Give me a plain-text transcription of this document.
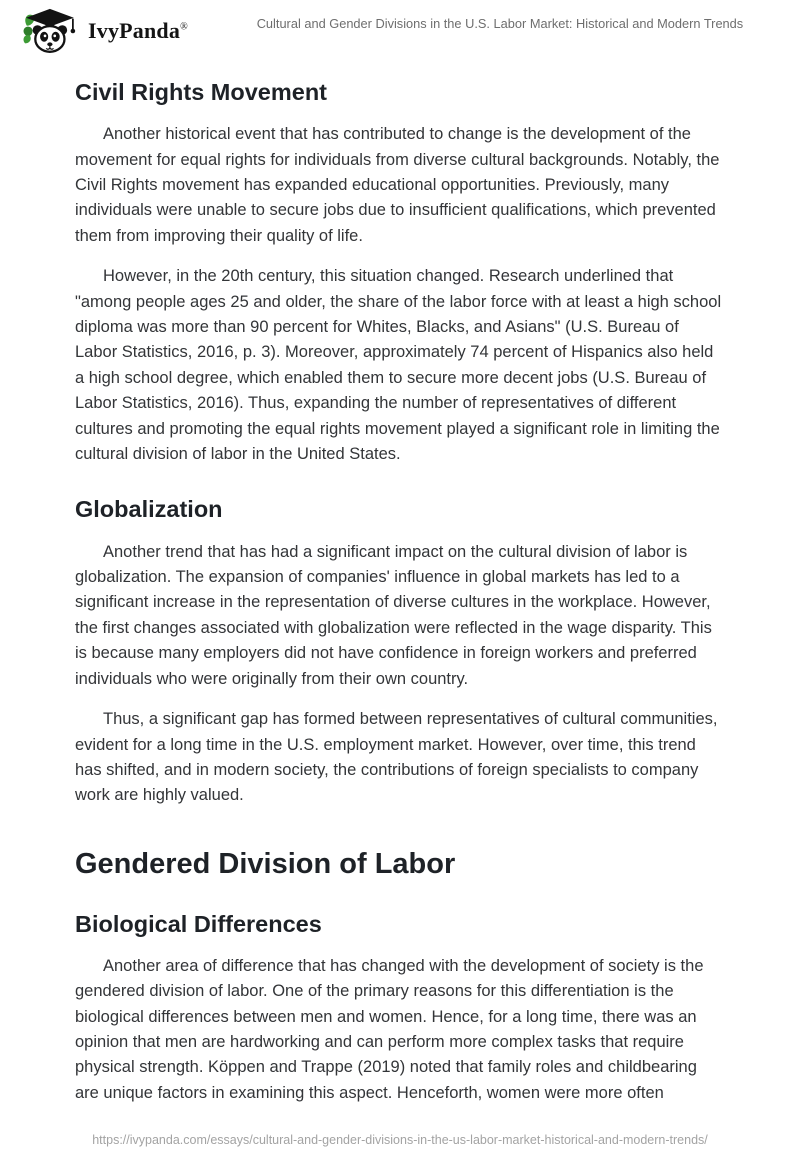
IvyPanda®	Cultural and Gender Divisions in the U.S. Labor Market: Historical and Modern Trends
Civil Rights Movement

Another historical event that has contributed to change is the development of the movement for equal rights for individuals from diverse cultural backgrounds. Notably, the Civil Rights movement has expanded educational opportunities. Previously, many individuals were unable to secure jobs due to insufficient qualifications, which prevented them from improving their quality of life.

However, in the 20th century, this situation changed. Research underlined that "among people ages 25 and older, the share of the labor force with at least a high school diploma was more than 90 percent for Whites, Blacks, and Asians" (U.S. Bureau of Labor Statistics, 2016, p. 3). Moreover, approximately 74 percent of Hispanics also held a high school degree, which enabled them to secure more decent jobs (U.S. Bureau of Labor Statistics, 2016). Thus, expanding the number of representatives of different cultures and promoting the equal rights movement played a significant role in limiting the cultural division of labor in the United States.

Globalization

Another trend that has had a significant impact on the cultural division of labor is globalization. The expansion of companies' influence in global markets has led to a significant increase in the representation of diverse cultures in the workplace. However, the first changes associated with globalization were reflected in the wage disparity. This is because many employers did not have confidence in foreign workers and preferred individuals who were originally from their own country.

Thus, a significant gap has formed between representatives of cultural communities, evident for a long time in the U.S. employment market. However, over time, this trend has shifted, and in modern society, the contributions of foreign specialists to company work are highly valued.

Gendered Division of Labor
Biological Differences

Another area of difference that has changed with the development of society is the gendered division of labor. One of the primary reasons for this differentiation is the biological differences between men and women. Hence, for a long time, there was an opinion that men are hardworking and can perform more complex tasks that require physical strength. Köppen and Trappe (2019) noted that family roles and childbearing are unique factors in examining this aspect. Henceforth, women were more often

https://ivypanda.com/essays/cultural-and-gender-divisions-in-the-us-labor-market-historical-and-modern-trends/
